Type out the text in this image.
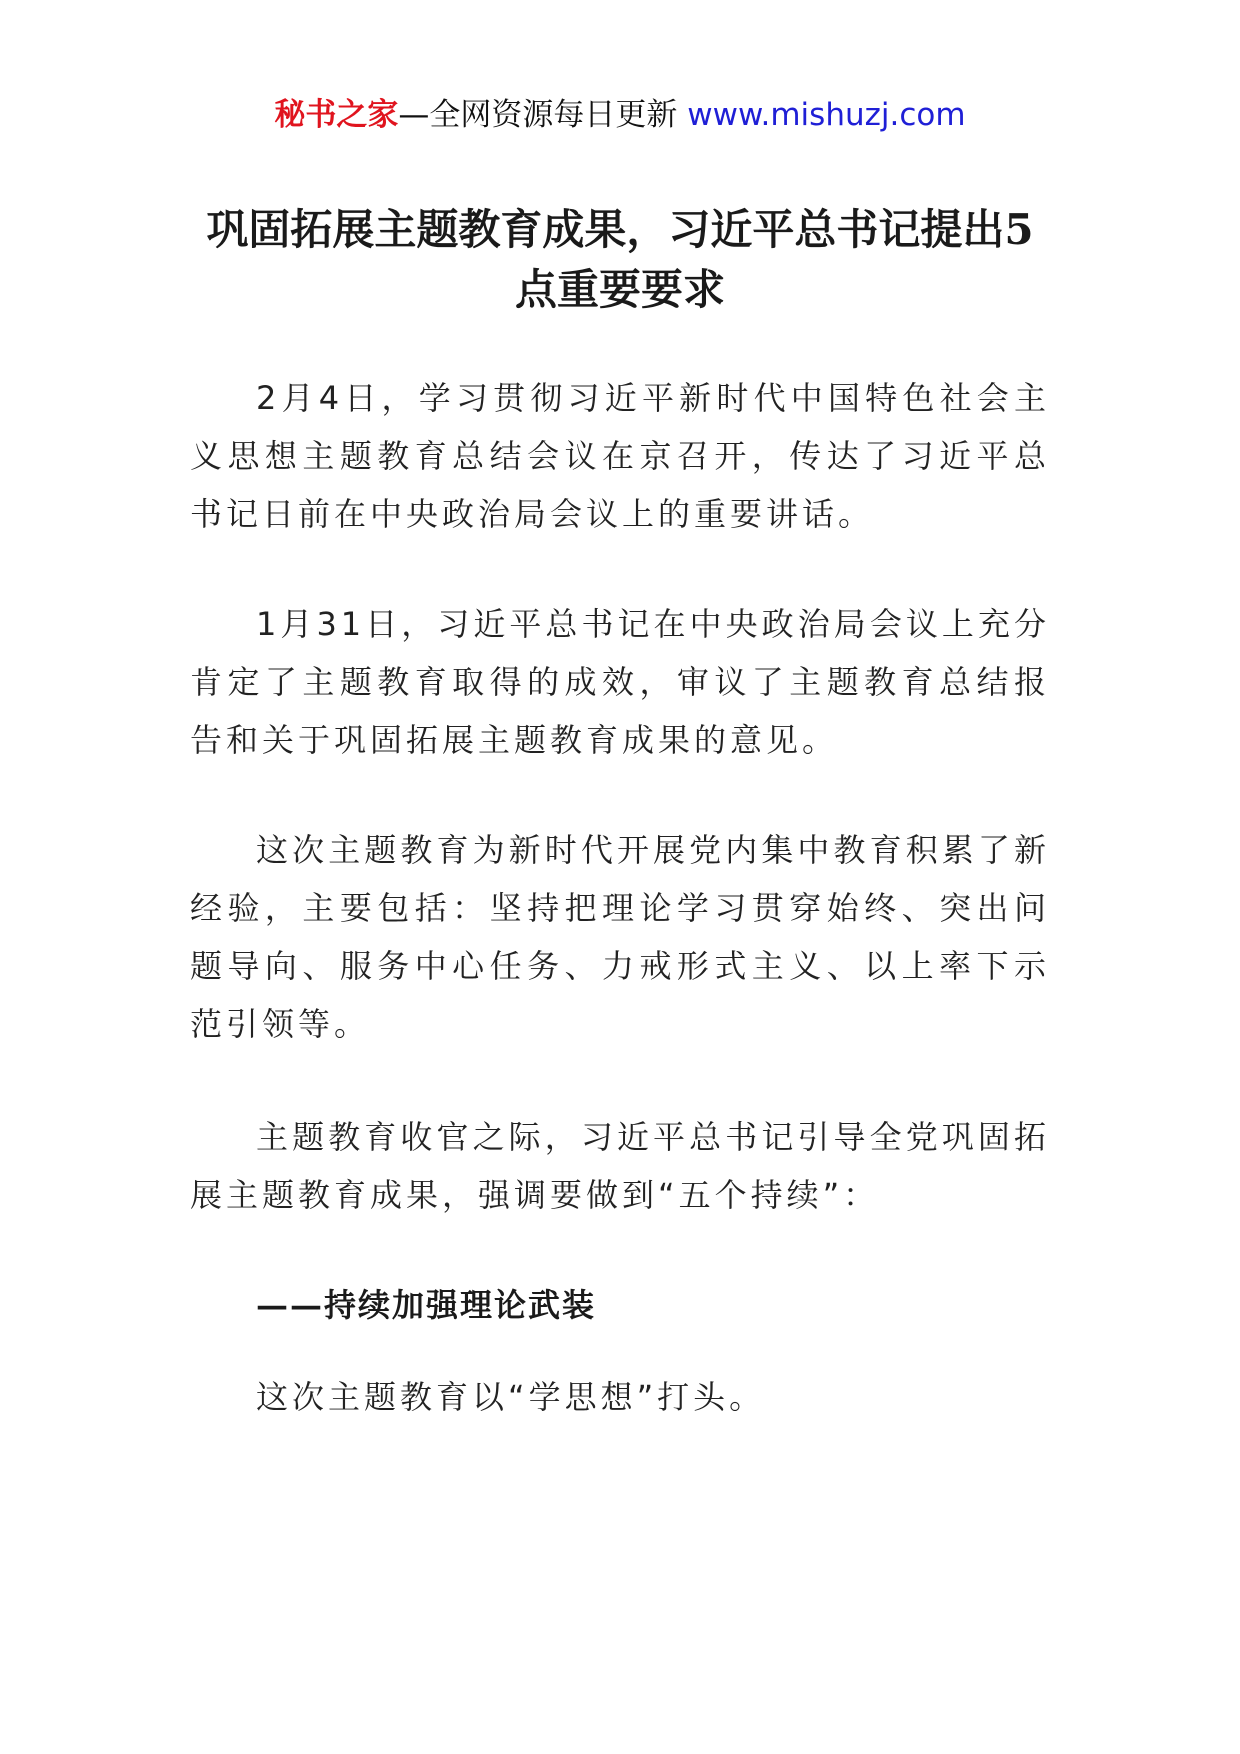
秘书之家—全网资源每日更新 www.mishuzj.com
巩固拓展主题教育成果，习近平总书记提出5点重要要求

2月4日，学习贯彻习近平新时代中国特色社会主义思想主题教育总结会议在京召开，传达了习近平总书记日前在中央政治局会议上的重要讲话。

1月31日，习近平总书记在中央政治局会议上充分肯定了主题教育取得的成效，审议了主题教育总结报告和关于巩固拓展主题教育成果的意见。

这次主题教育为新时代开展党内集中教育积累了新经验，主要包括：坚持把理论学习贯穿始终、突出问题导向、服务中心任务、力戒形式主义、以上率下示范引领等。

主题教育收官之际，习近平总书记引导全党巩固拓展主题教育成果，强调要做到“五个持续”：

——持续加强理论武装

这次主题教育以“学思想”打头。
